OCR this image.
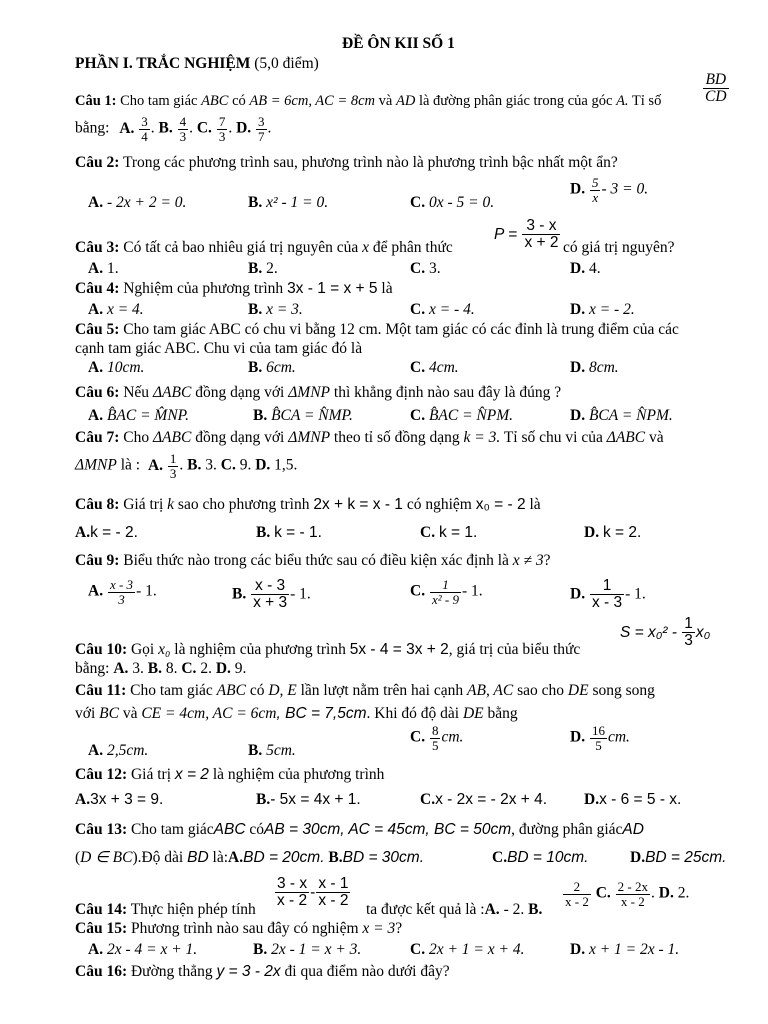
ĐỀ ÔN KII SỐ 1
PHẦN I. TRẮC NGHIỆM (5,0 điểm)
$\frac{BD}{CD}$
Câu 1: Cho tam giác ABC có AB = 6cm, AC = 8cm và AD là đường phân giác trong của góc A. Tỉ số
bằng: A. $\frac{3}{4}$ . B. $\frac{4}{3}$ . C. $\frac{7}{3}$ . D. $\frac{3}{7}$ .
Câu 2: Trong các phương trình sau, phương trình nào là phương trình bậc nhất một ẩn?
A. - 2x + 2 = 0.	B. x² - 1 = 0.	C. 0x - 5 = 0.
D. $\frac{5}{x} - 3 = 0$.
Câu 3: Có tất cả bao nhiêu giá trị nguyên của x để phân thức
$P = \frac{3 - x}{x + 2}$ có giá trị nguyên?
A. 1.	B. 2.	C. 3.	D. 4.
Câu 4: Nghiệm của phương trình 3x - 1 = x + 5 là
A. x = 4.	B. x = 3.	C. x = - 4.	D. x = - 2.
Câu 5: Cho tam giác ABC có chu vi bằng 12 cm. Một tam giác có các đỉnh là trung điểm của các
cạnh tam giác ABC. Chu vi của tam giác đó là
A. 10cm.	B. 6cm.	C. 4cm.	D. 8cm.
Câu 6: Nếu ΔABC đồng dạng với ΔMNP thì khẳng định nào sau đây là đúng ?
A. B̂AC = M̂NP.	B. B̂CA = N̂MP.	C. B̂AC = N̂PM.	D. B̂CA = N̂PM.
Câu 7: Cho ΔABC đồng dạng với ΔMNP theo tỉ số đồng dạng k = 3. Tỉ số chu vi của ΔABC và
ΔMNP là : A. $\frac{1}{3}$ . B. 3. C. 9. D. 1,5.
Câu 8: Giá trị k sao cho phương trình 2x + k = x - 1 có nghiệm x₀ = - 2 là
A.k = - 2.	B. k = - 1.	C. k = 1.	D. k = 2.
Câu 9: Biểu thức nào trong các biểu thức sau có điều kiện xác định là x ≠ 3?
A. $\frac{x - 3}{3} - 1$.	B. $\frac{x - 3}{x + 3} - 1$.	C. $\frac{1}{\text{x² - 9}} - 1$.	D. $\frac{1}{x - 3} - 1$.
Câu 10: Gọi x₀ là nghiệm của phương trình 5x - 4 = 3x + 2, giá trị của biểu thức
$S = x_0^2 - \frac{1}{3} x_0$
bằng: A. 3. B. 8. C. 2. D. 9.
Câu 11: Cho tam giác ABC có D, E lần lượt nằm trên hai cạnh AB, AC sao cho DE song song
với BC và CE = 4cm, AC = 6cm, BC = 7,5cm. Khi đó độ dài DE bằng
A. 2,5cm.	B. 5cm.
C. $\frac{8}{5}$ cm.	D. $\frac{16}{5}$ cm.
Câu 12: Giá trị x = 2 là nghiệm của phương trình
A.3x + 3 = 9.	B.- 5x = 4x + 1.	C.x - 2x = - 2x + 4. D.x - 6 = 5 - x.
Câu 13: Cho tam giácABC cóAB = 30cm, AC = 45cm, BC = 50cm, đường phân giácAD
(D ∈ BC).Độ dài BD là:A.BD = 20cm. B.BD = 30cm.	C.BD = 10cm.	D.BD = 25cm.
Câu 14: Thực hiện phép tính $\frac{3 - x}{x - 2} - \frac{x - 1}{x - 2}$ ta được kết quả là :A. - 2. B.
$\frac{2}{x - 2} C$. $\frac{2 - 2x}{x - 2}$ . D. 2.
Câu 15: Phương trình nào sau đây có nghiệm x = 3?
A. 2x - 4 = x + 1.	B. 2x - 1 = x + 3.	C. 2x + 1 = x + 4.	D. x + 1 = 2x - 1.
Câu 16: Đường thẳng y = 3 - 2x đi qua điểm nào dưới đây?
